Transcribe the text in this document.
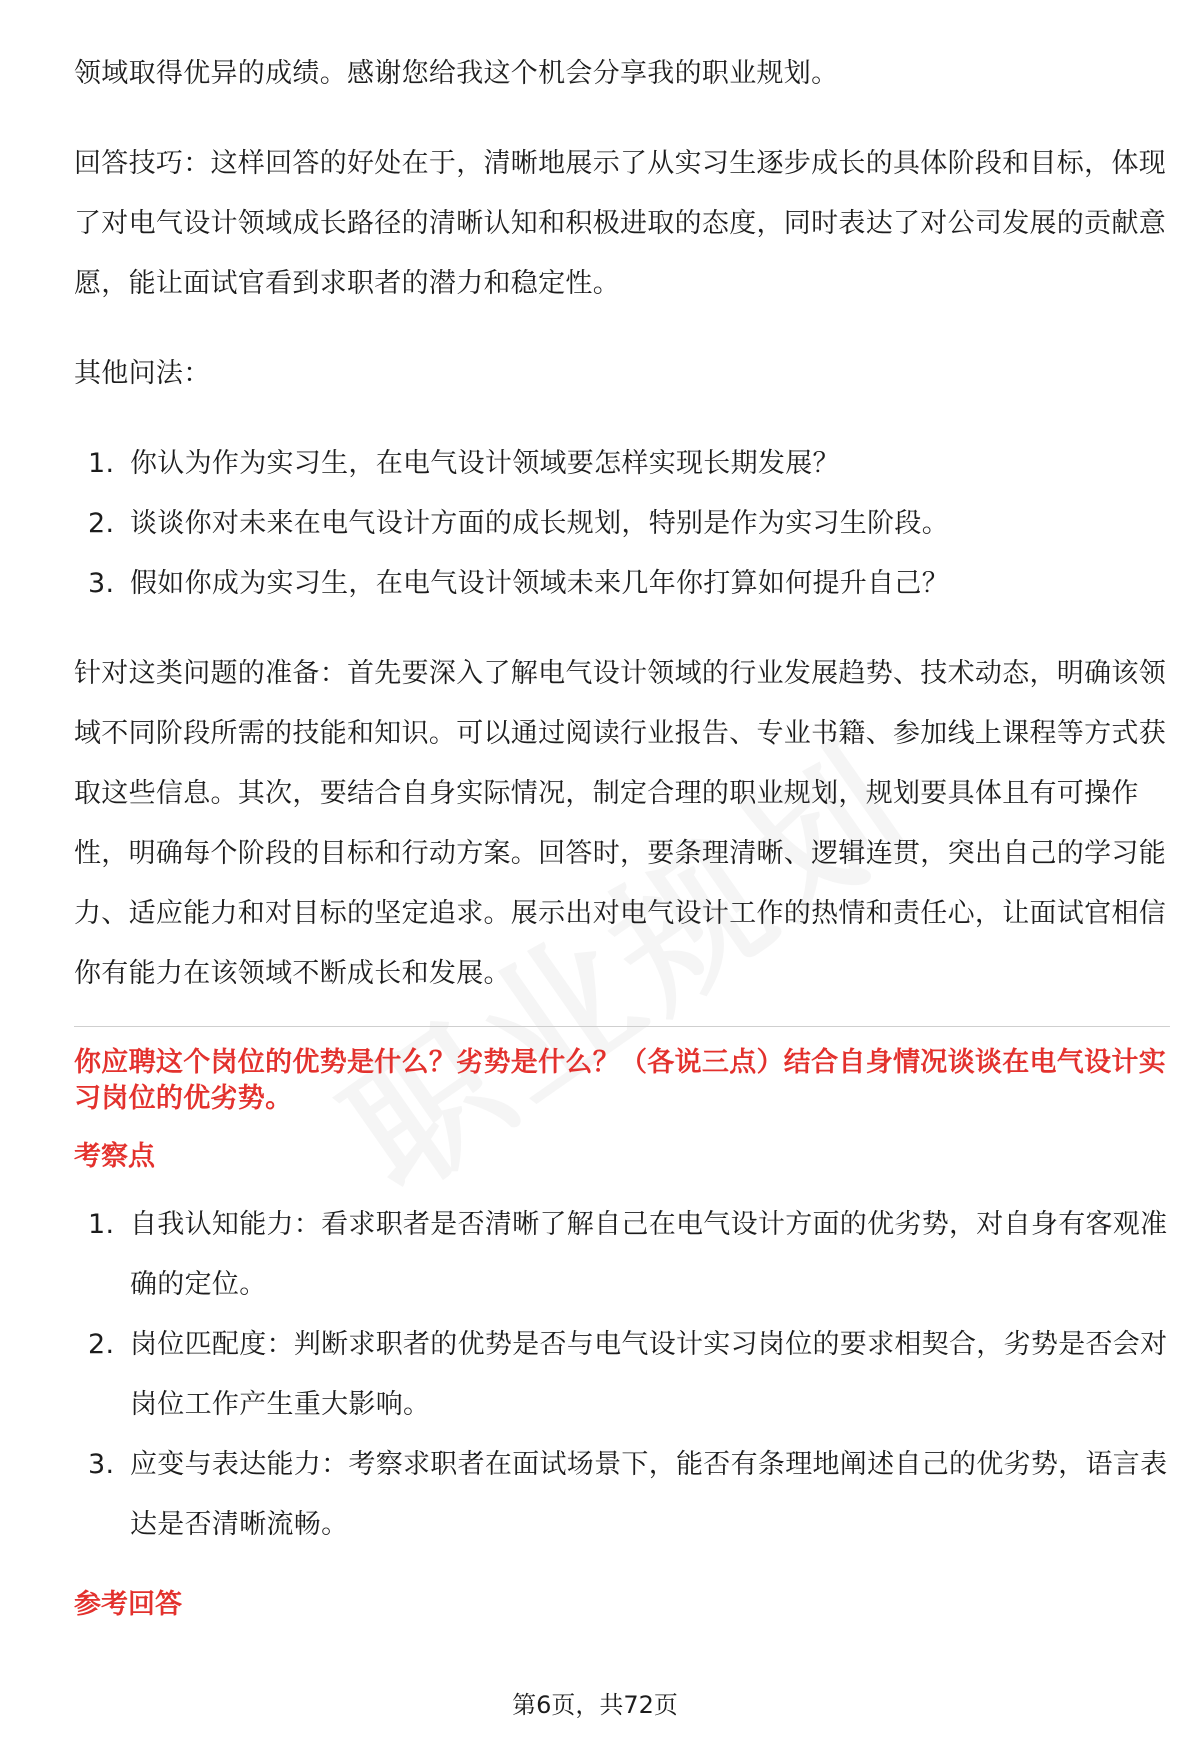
领域取得优异的成绩。感谢您给我这个机会分享我的职业规划。

回答技巧：这样回答的好处在于，清晰地展示了从实习生逐步成长的具体阶段和目标，体现了对电气设计领域成长路径的清晰认知和积极进取的态度，同时表达了对公司发展的贡献意愿，能让面试官看到求职者的潜力和稳定性。

其他问法：

1. 你认为作为实习生，在电气设计领域要怎样实现长期发展？
2. 谈谈你对未来在电气设计方面的成长规划，特别是作为实习生阶段。
3. 假如你成为实习生，在电气设计领域未来几年你打算如何提升自己？

针对这类问题的准备：首先要深入了解电气设计领域的行业发展趋势、技术动态，明确该领域不同阶段所需的技能和知识。可以通过阅读行业报告、专业书籍、参加线上课程等方式获取这些信息。其次，要结合自身实际情况，制定合理的职业规划，规划要具体且有可操作性，明确每个阶段的目标和行动方案。回答时，要条理清晰、逻辑连贯，突出自己的学习能力、适应能力和对目标的坚定追求。展示出对电气设计工作的热情和责任心，让面试官相信你有能力在该领域不断成长和发展。

你应聘这个岗位的优势是什么？劣势是什么？（各说三点）结合自身情况谈谈在电气设计实习岗位的优劣势。
考察点
1. 自我认知能力：看求职者是否清晰了解自己在电气设计方面的优劣势，对自身有客观准确的定位。
2. 岗位匹配度：判断求职者的优势是否与电气设计实习岗位的要求相契合，劣势是否会对岗位工作产生重大影响。
3. 应变与表达能力：考察求职者在面试场景下，能否有条理地阐述自己的优劣势，语言表达是否清晰流畅。
参考回答
第6页，共72页
